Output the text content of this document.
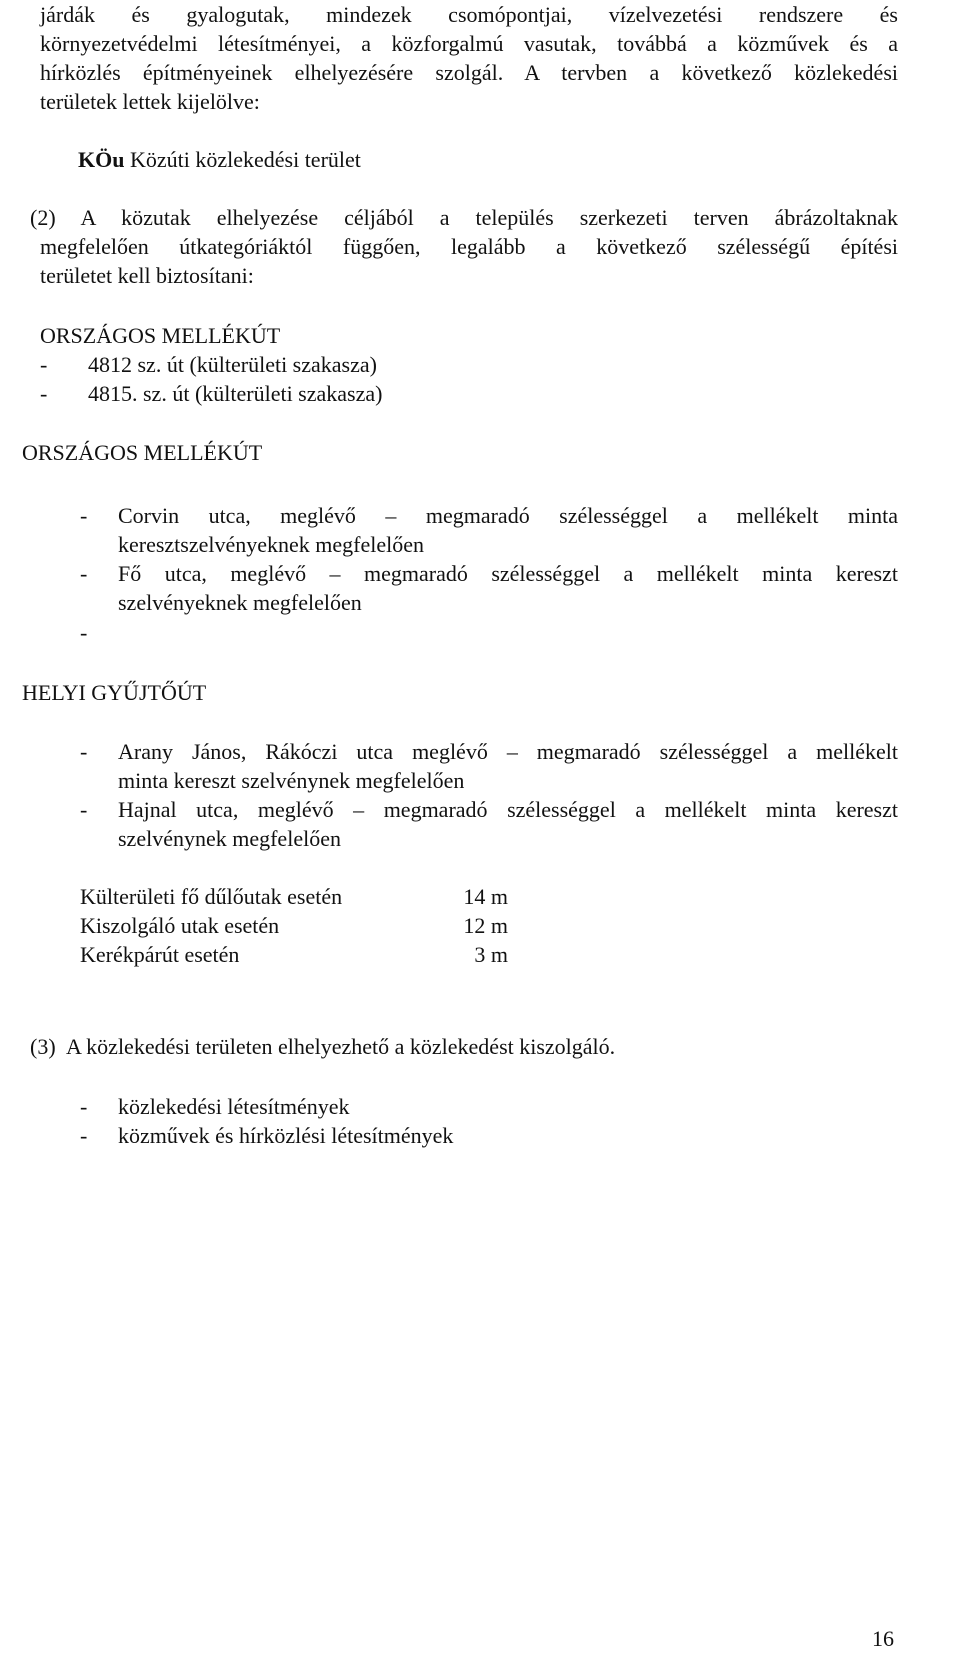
járdák és gyalogutak, mindezek csomópontjai, vízelvezetési rendszere és
környezetvédelmi létesítményei, a közforgalmú vasutak, továbbá a közművek és a
hírközlés építményeinek elhelyezésére szolgál. A tervben a következő közlekedési
területek lettek kijelölve:
KÖu Közúti közlekedési terület
(2) A közutak elhelyezése céljából a település szerkezeti terven ábrázoltaknak
megfelelően útkategóriáktól függően, legalább a következő szélességű építési
területet kell biztosítani:
ORSZÁGOS MELLÉKÚT
- 4812 sz. út (külterületi szakasza)
- 4815. sz. út (külterületi szakasza)
ORSZÁGOS MELLÉKÚT
- Corvin utca, meglévő – megmaradó szélességgel a mellékelt minta
keresztszelvényeknek megfelelően
- Fő utca, meglévő – megmaradó szélességgel a mellékelt minta kereszt
szelvényeknek megfelelően
-
HELYI GYŰJTŐÚT
- Arany János, Rákóczi utca meglévő – megmaradó szélességgel a mellékelt
minta kereszt szelvénynek megfelelően
- Hajnal utca, meglévő – megmaradó szélességgel a mellékelt minta kereszt
szelvénynek megfelelően
Külterületi fő dűlőutak esetén	14 m
Kiszolgáló utak esetén	12 m
Kerékpárút esetén	3 m
(3) A közlekedési területen elhelyezhető a közlekedést kiszolgáló.
- közlekedési létesítmények
- közművek és hírközlési létesítmények
16
